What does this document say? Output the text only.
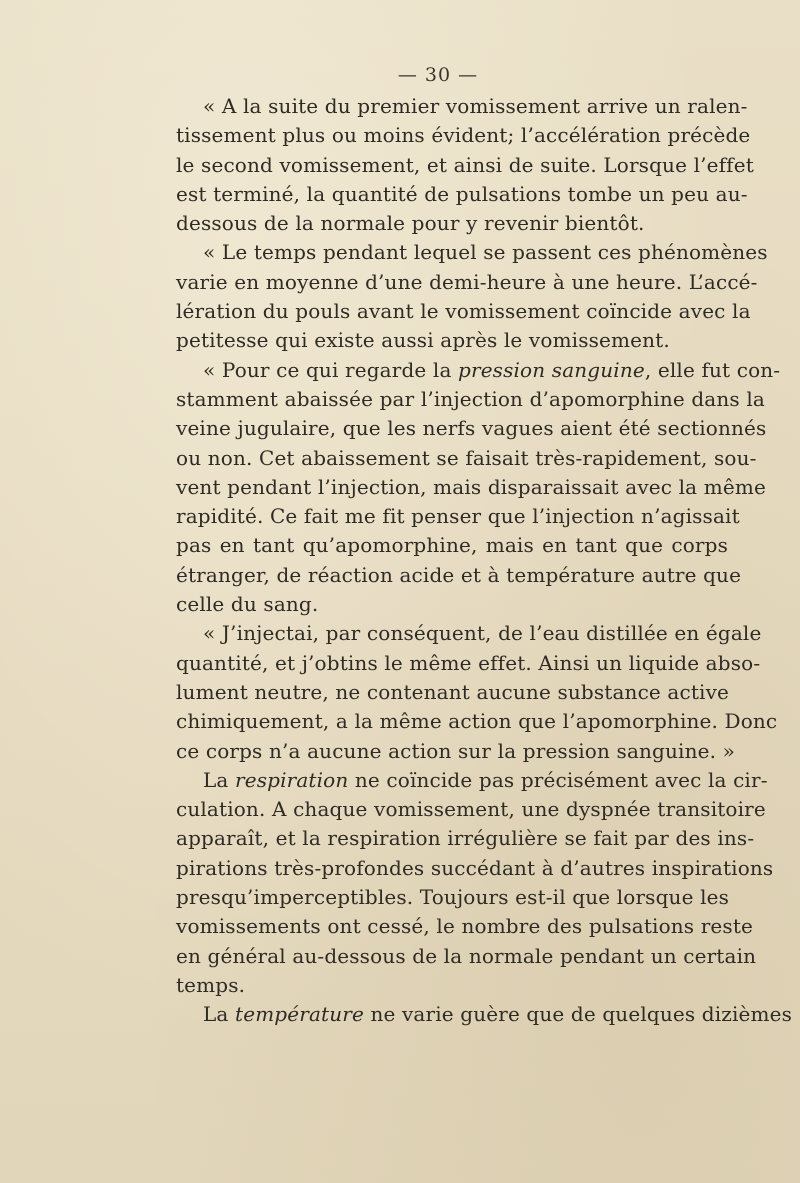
— 30 —
« A la suite du premier vomissement arrive un ralen-
tissement plus ou moins évident; l’accélération précède
le second vomissement, et ainsi de suite. Lorsque l’effet
est terminé, la quantité de pulsations tombe un peu au-
dessous de la normale pour y revenir bientôt.
« Le temps pendant lequel se passent ces phénomènes
varie en moyenne d’une demi-heure à une heure. L’accé-
lération du pouls avant le vomissement coïncide avec la
petitesse qui existe aussi après le vomissement.
« Pour ce qui regarde la pression sanguine, elle fut con-
stamment abaissée par l’injection d’apomorphine dans la
veine jugulaire, que les nerfs vagues aient été sectionnés
ou non. Cet abaissement se faisait très-rapidement, sou-
vent pendant l’injection, mais disparaissait avec la même
rapidité. Ce fait me fit penser que l’injection n’agissait
pas en tant qu’apomorphine, mais en tant que corps
étranger, de réaction acide et à température autre que
celle du sang.
« J’injectai, par conséquent, de l’eau distillée en égale
quantité, et j’obtins le même effet. Ainsi un liquide abso-
lument neutre, ne contenant aucune substance active
chimiquement, a la même action que l’apomorphine. Donc
ce corps n’a aucune action sur la pression sanguine. »
La respiration ne coïncide pas précisément avec la cir-
culation. A chaque vomissement, une dyspnée transitoire
apparaît, et la respiration irrégulière se fait par des ins-
pirations très-profondes succédant à d’autres inspirations
presqu’imperceptibles. Toujours est-il que lorsque les
vomissements ont cessé, le nombre des pulsations reste
en général au-dessous de la normale pendant un certain
temps.
La température ne varie guère que de quelques dizièmes
